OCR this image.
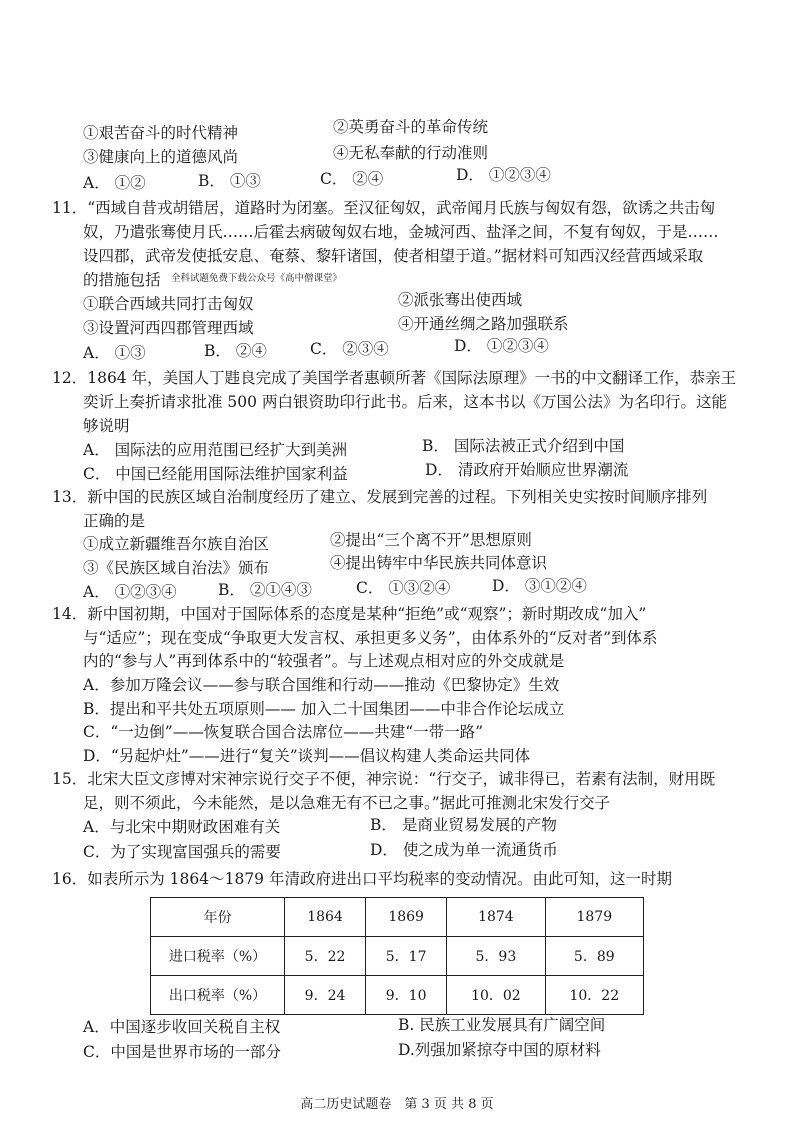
①艰苦奋斗的时代精神	②英勇奋斗的革命传统
③健康向上的道德风尚	④无私奉献的行动准则
A． ①②	B． ①③	C． ②④	D． ①②③④
11．“西域自昔戎胡错居，道路时为闭塞。至汉征匈奴，武帝闻月氏族与匈奴有怨，欲诱之共击匈
奴，乃遣张骞使月氏……后霍去病破匈奴右地，金城河西、盐泽之间，不复有匈奴，于是……
设四郡，武帝发使抵安息、奄蔡、黎轩诸国，使者相望于道。”据材料可知西汉经营西域采取
的措施包括 全科试题免费下载公众号《高中僧课堂》
①联合西域共同打击匈奴	②派张骞出使西域
③设置河西四郡管理西域	④开通丝绸之路加强联系
A． ①③	B． ②④	C． ②③④	D． ①②③④
12．1864 年，美国人丁韪良完成了美国学者惠顿所著《国际法原理》一书的中文翻译工作，恭亲王
奕䜣上奏折请求批准 500 两白银资助印行此书。后来，这本书以《万国公法》为名印行。这能
够说明
A． 国际法的应用范围已经扩大到美洲	B． 国际法被正式介绍到中国
C． 中国已经能用国际法维护国家利益	D． 清政府开始顺应世界潮流
13．新中国的民族区域自治制度经历了建立、发展到完善的过程。下列相关史实按时间顺序排列
正确的是
①成立新疆维吾尔族自治区	②提出“三个离不开”思想原则
③《民族区域自治法》颁布	④提出铸牢中华民族共同体意识
A． ①②③④	B． ②①④③	C． ①③②④	D． ③①②④
14．新中国初期，中国对于国际体系的态度是某种“拒绝”或“观察”；新时期改成“加入”
与“适应”；现在变成“争取更大发言权、承担更多义务”，由体系外的“反对者”到体系
内的“参与人”再到体系中的“较强者”。与上述观点相对应的外交成就是
A．参加万隆会议——参与联合国维和行动——推动《巴黎协定》生效
B．提出和平共处五项原则—— 加入二十国集团——中非合作论坛成立
C．“一边倒”——恢复联合国合法席位——共建“一带一路”
D．“另起炉灶”——进行“复关”谈判——倡议构建人类命运共同体
15．北宋大臣文彦博对宋神宗说行交子不便，神宗说：“行交子，诚非得已，若素有法制，财用既
足，则不须此，今未能然，是以急难无有不已之事。”据此可推测北宋发行交子
A．与北宋中期财政困难有关	B． 是商业贸易发展的产物
C．为了实现富国强兵的需要	D． 使之成为单一流通货币
16．如表所示为 1864～1879 年清政府进出口平均税率的变动情况。由此可知，这一时期
年份	1864	1869	1874	1879
进口税率（%）	5．22	5．17	5．93	5．89
出口税率（%）	9．24	9．10	10．02	10．22
A．中国逐步收回关税自主权	B. 民族工业发展具有广阔空间
C．中国是世界市场的一部分	D.列强加紧掠夺中国的原材料
高二历史试题卷　第 3 页 共 8 页
